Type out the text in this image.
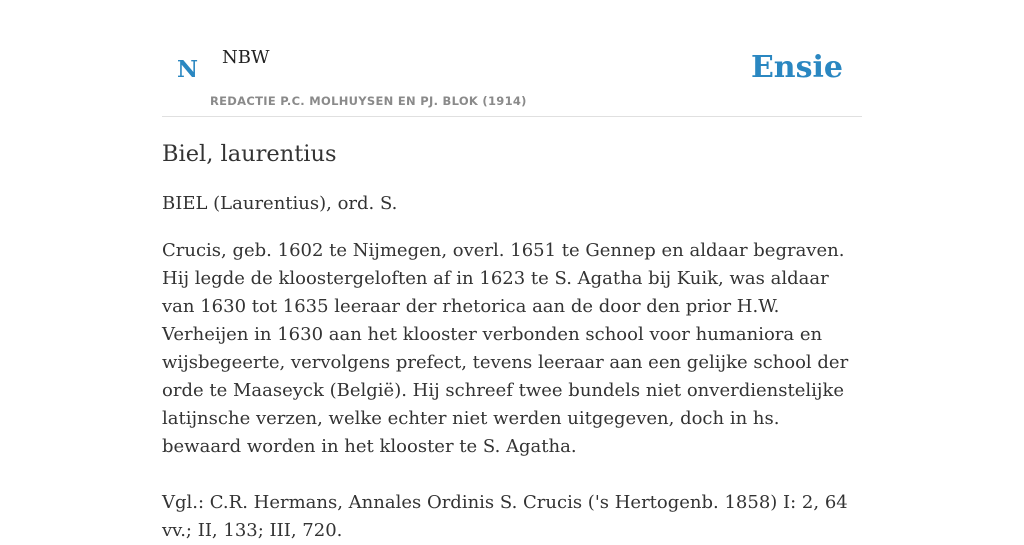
N NBW
REDACTIE P.C. MOLHUYSEN EN PJ. BLOK (1914)
Ensie
Biel, laurentius

BIEL (Laurentius), ord. S.

Crucis, geb. 1602 te Nijmegen, overl. 1651 te Gennep en aldaar begraven. Hij legde de kloostergeloften af in 1623 te S. Agatha bij Kuik, was aldaar van 1630 tot 1635 leeraar der rhetorica aan de door den prior H.W. Verheijen in 1630 aan het klooster verbonden school voor humaniora en wijsbegeerte, vervolgens prefect, tevens leeraar aan een gelijke school der orde te Maaseyck (België). Hij schreef twee bundels niet onverdienstelijke latijnsche verzen, welke echter niet werden uitgegeven, doch in hs. bewaard worden in het klooster te S. Agatha.

Vgl.: C.R. Hermans, Annales Ordinis S. Crucis ('s Hertogenb. 1858) I: 2, 64 vv.; II, 133; III, 720.
